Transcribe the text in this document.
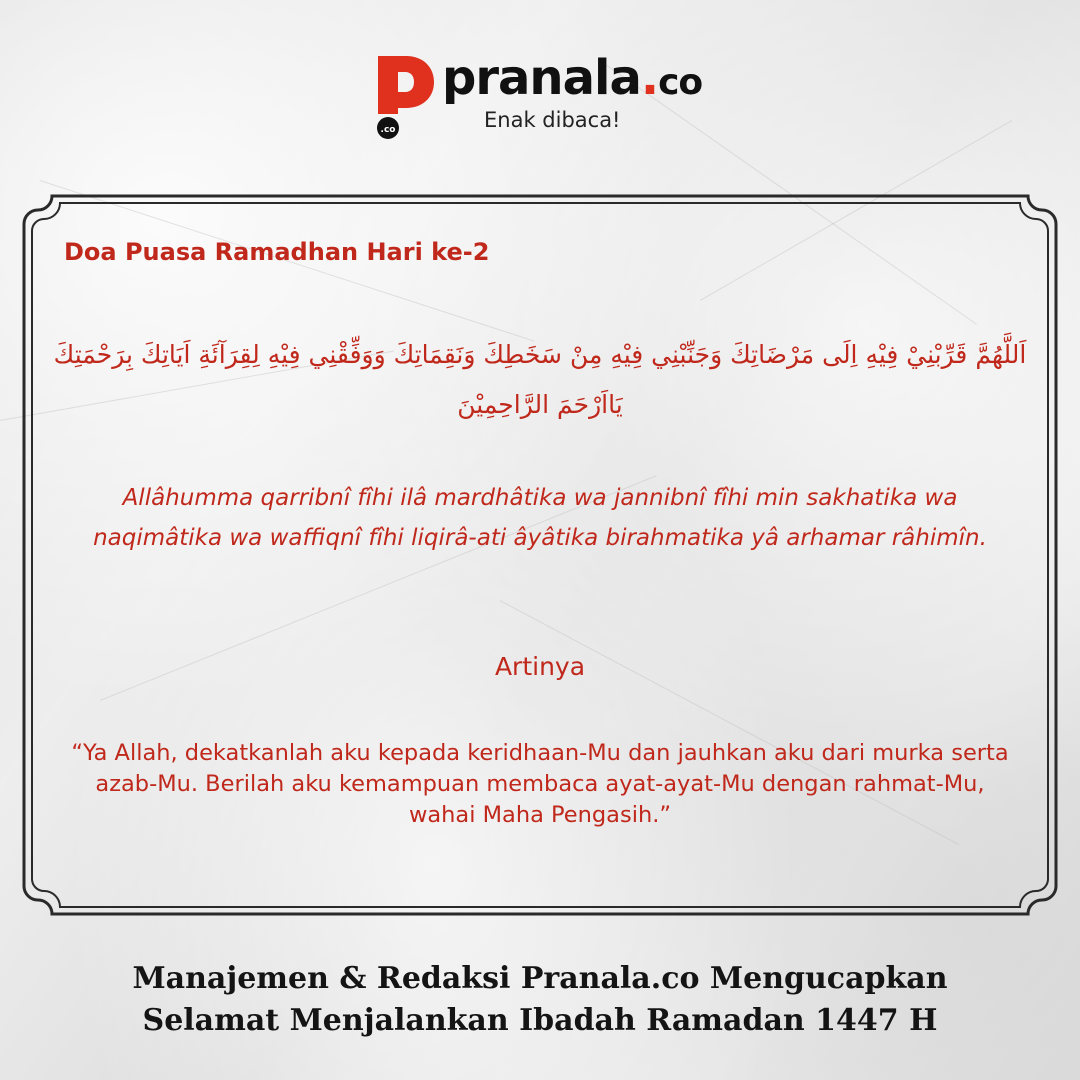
.co
pranala.co
Enak dibaca!
Doa Puasa Ramadhan Hari ke-2
اَللَّهُمَّ قَرِّبْنِيْ فِيْهِ اِلَى مَرْضَاتِكَ وَجَنِّبْنِي فِيْهِ مِنْ سَخَطِكَ وَنَقِمَاتِكَ وَوَفِّقْنِي فِيْهِ لِقِرَآئَةِ اَيَاتِكَ بِرَحْمَتِكَ يَااَرْحَمَ الرَّاحِمِيْنَ
Allâhumma qarribnî fîhi ilâ mardhâtika wa jannibnî fîhi min sakhatika wa naqimâtika wa waffiqnî fîhi liqirâ-ati âyâtika birahmatika yâ arhamar râhimîn.
Artinya
“Ya Allah, dekatkanlah aku kepada keridhaan-Mu dan jauhkan aku dari murka serta azab-Mu. Berilah aku kemampuan membaca ayat-ayat-Mu dengan rahmat-Mu, wahai Maha Pengasih.”
Manajemen & Redaksi Pranala.co Mengucapkan
Selamat Menjalankan Ibadah Ramadan 1447 H
